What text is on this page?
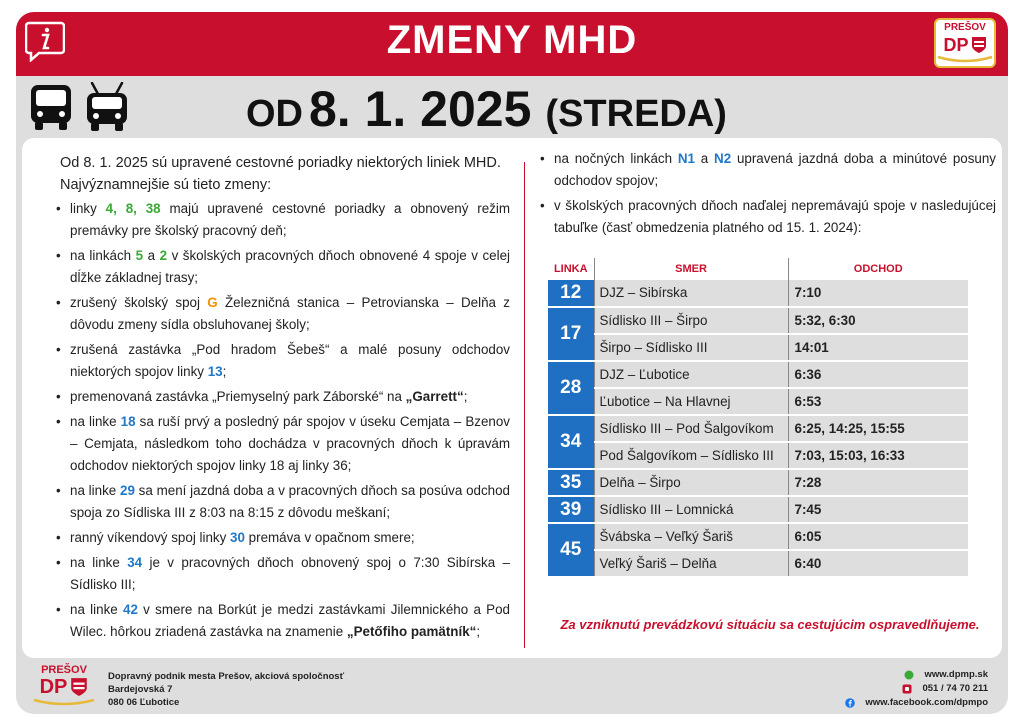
ZMENY MHD	PREŠOV
DP
OD 8. 1. 2025 (STREDA)
Od 8. 1. 2025 sú upravené cestovné poriadky niektorých liniek MHD. Najvýznamnejšie sú tieto zmeny:
• linky 4, 8, 38 majú upravené cestovné poriadky a obnovený režim premávky pre školský pracovný deň;
• na linkách 5 a 2 v školských pracovných dňoch obnovené 4 spoje v celej dĺžke základnej trasy;
• zrušený školský spoj G Železničná stanica – Petrovianska – Delňa z dôvodu zmeny sídla obsluhovanej školy;
• zrušená zastávka „Pod hradom Šebeš“ a malé posuny odchodov niektorých spojov linky 13;
• premenovaná zastávka „Priemyselný park Záborské“ na „Garrett“;
• na linke 18 sa ruší prvý a posledný pár spojov v úseku Cemjata – Bzenov – Cemjata, následkom toho dochádza v pracovných dňoch k úpravám odchodov niektorých spojov linky 18 aj linky 36;
• na linke 29 sa mení jazdná doba a v pracovných dňoch sa posúva odchod spoja zo Sídliska III z 8:03 na 8:15 z dôvodu meškaní;
• ranný víkendový spoj linky 30 premáva v opačnom smere;
• na linke 34 je v pracovných dňoch obnovený spoj o 7:30 Sibírska – Sídlisko III;
• na linke 42 v smere na Borkút je medzi zastávkami Jilemnického a Pod Wilec. hôrkou zriadená zastávka na znamenie „Petőfiho pamätník“;
• na nočných linkách N1 a N2 upravená jazdná doba a minútové posuny odchodov spojov;
• v školských pracovných dňoch naďalej nepremávajú spoje v nasledujúcej tabuľke (časť obmedzenia platného od 15. 1. 2024):
LINKA	SMER	ODCHOD
12	DJZ – Sibírska	7:10
17	Sídlisko III – Širpo	5:32, 6:30
	Širpo – Sídlisko III	14:01
28	DJZ – Ľubotice	6:36
	Ľubotice – Na Hlavnej	6:53
34	Sídlisko III – Pod Šalgovíkom	6:25, 14:25, 15:55
	Pod Šalgovíkom – Sídlisko III	7:03, 15:03, 16:33
35	Delňa – Širpo	7:28
39	Sídlisko III – Lomnická	7:45
45	Švábska – Veľký Šariš	6:05
	Veľký Šariš – Delňa	6:40
Za vzniknutú prevádzkovú situáciu sa cestujúcim ospravedlňujeme.
PREŠOV
DP	Dopravný podnik mesta Prešov, akciová spoločnosť
Bardejovská 7
080 06 Ľubotice
www.dpmp.sk
051 / 74 70 211
www.facebook.com/dpmpo
